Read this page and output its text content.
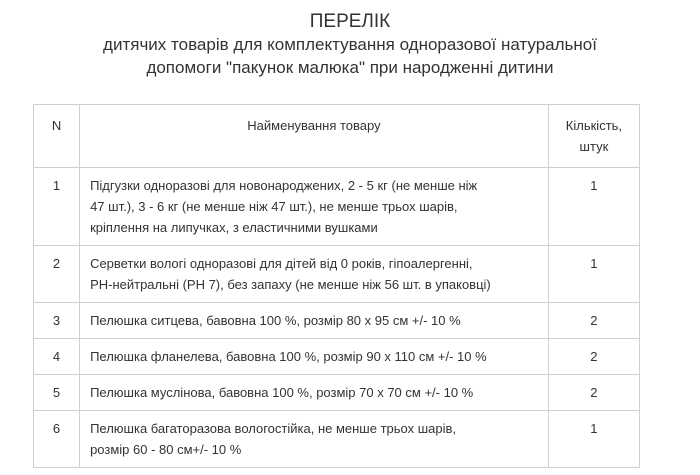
ПЕРЕЛІК
дитячих товарів для комплектування одноразової натуральної
допомоги "пакунок малюка" при народженні дитини
N	Найменування товару	Кількість,
штук

1	Підгузки одноразові для новонароджених, 2 - 5 кг (не менше ніж
47 шт.), 3 - 6 кг (не менше ніж 47 шт.), не менше трьох шарів,
кріплення на липучках, з еластичними вушками	1
2	Серветки вологі одноразові для дітей від 0 років, гіпоалергенні,
PH-нейтральні (PH 7), без запаху (не менше ніж 56 шт. в упаковці)	1
3	Пелюшка ситцева, бавовна 100 %, розмір 80 х 95 см +/- 10 %	2
4	Пелюшка фланелева, бавовна 100 %, розмір 90 х 110 см +/- 10 %	2
5	Пелюшка муслінова, бавовна 100 %, розмір 70 х 70 см +/- 10 %	2
6	Пелюшка багаторазова вологостійка, не менше трьох шарів,
розмір 60 - 80 см+/- 10 %	1
